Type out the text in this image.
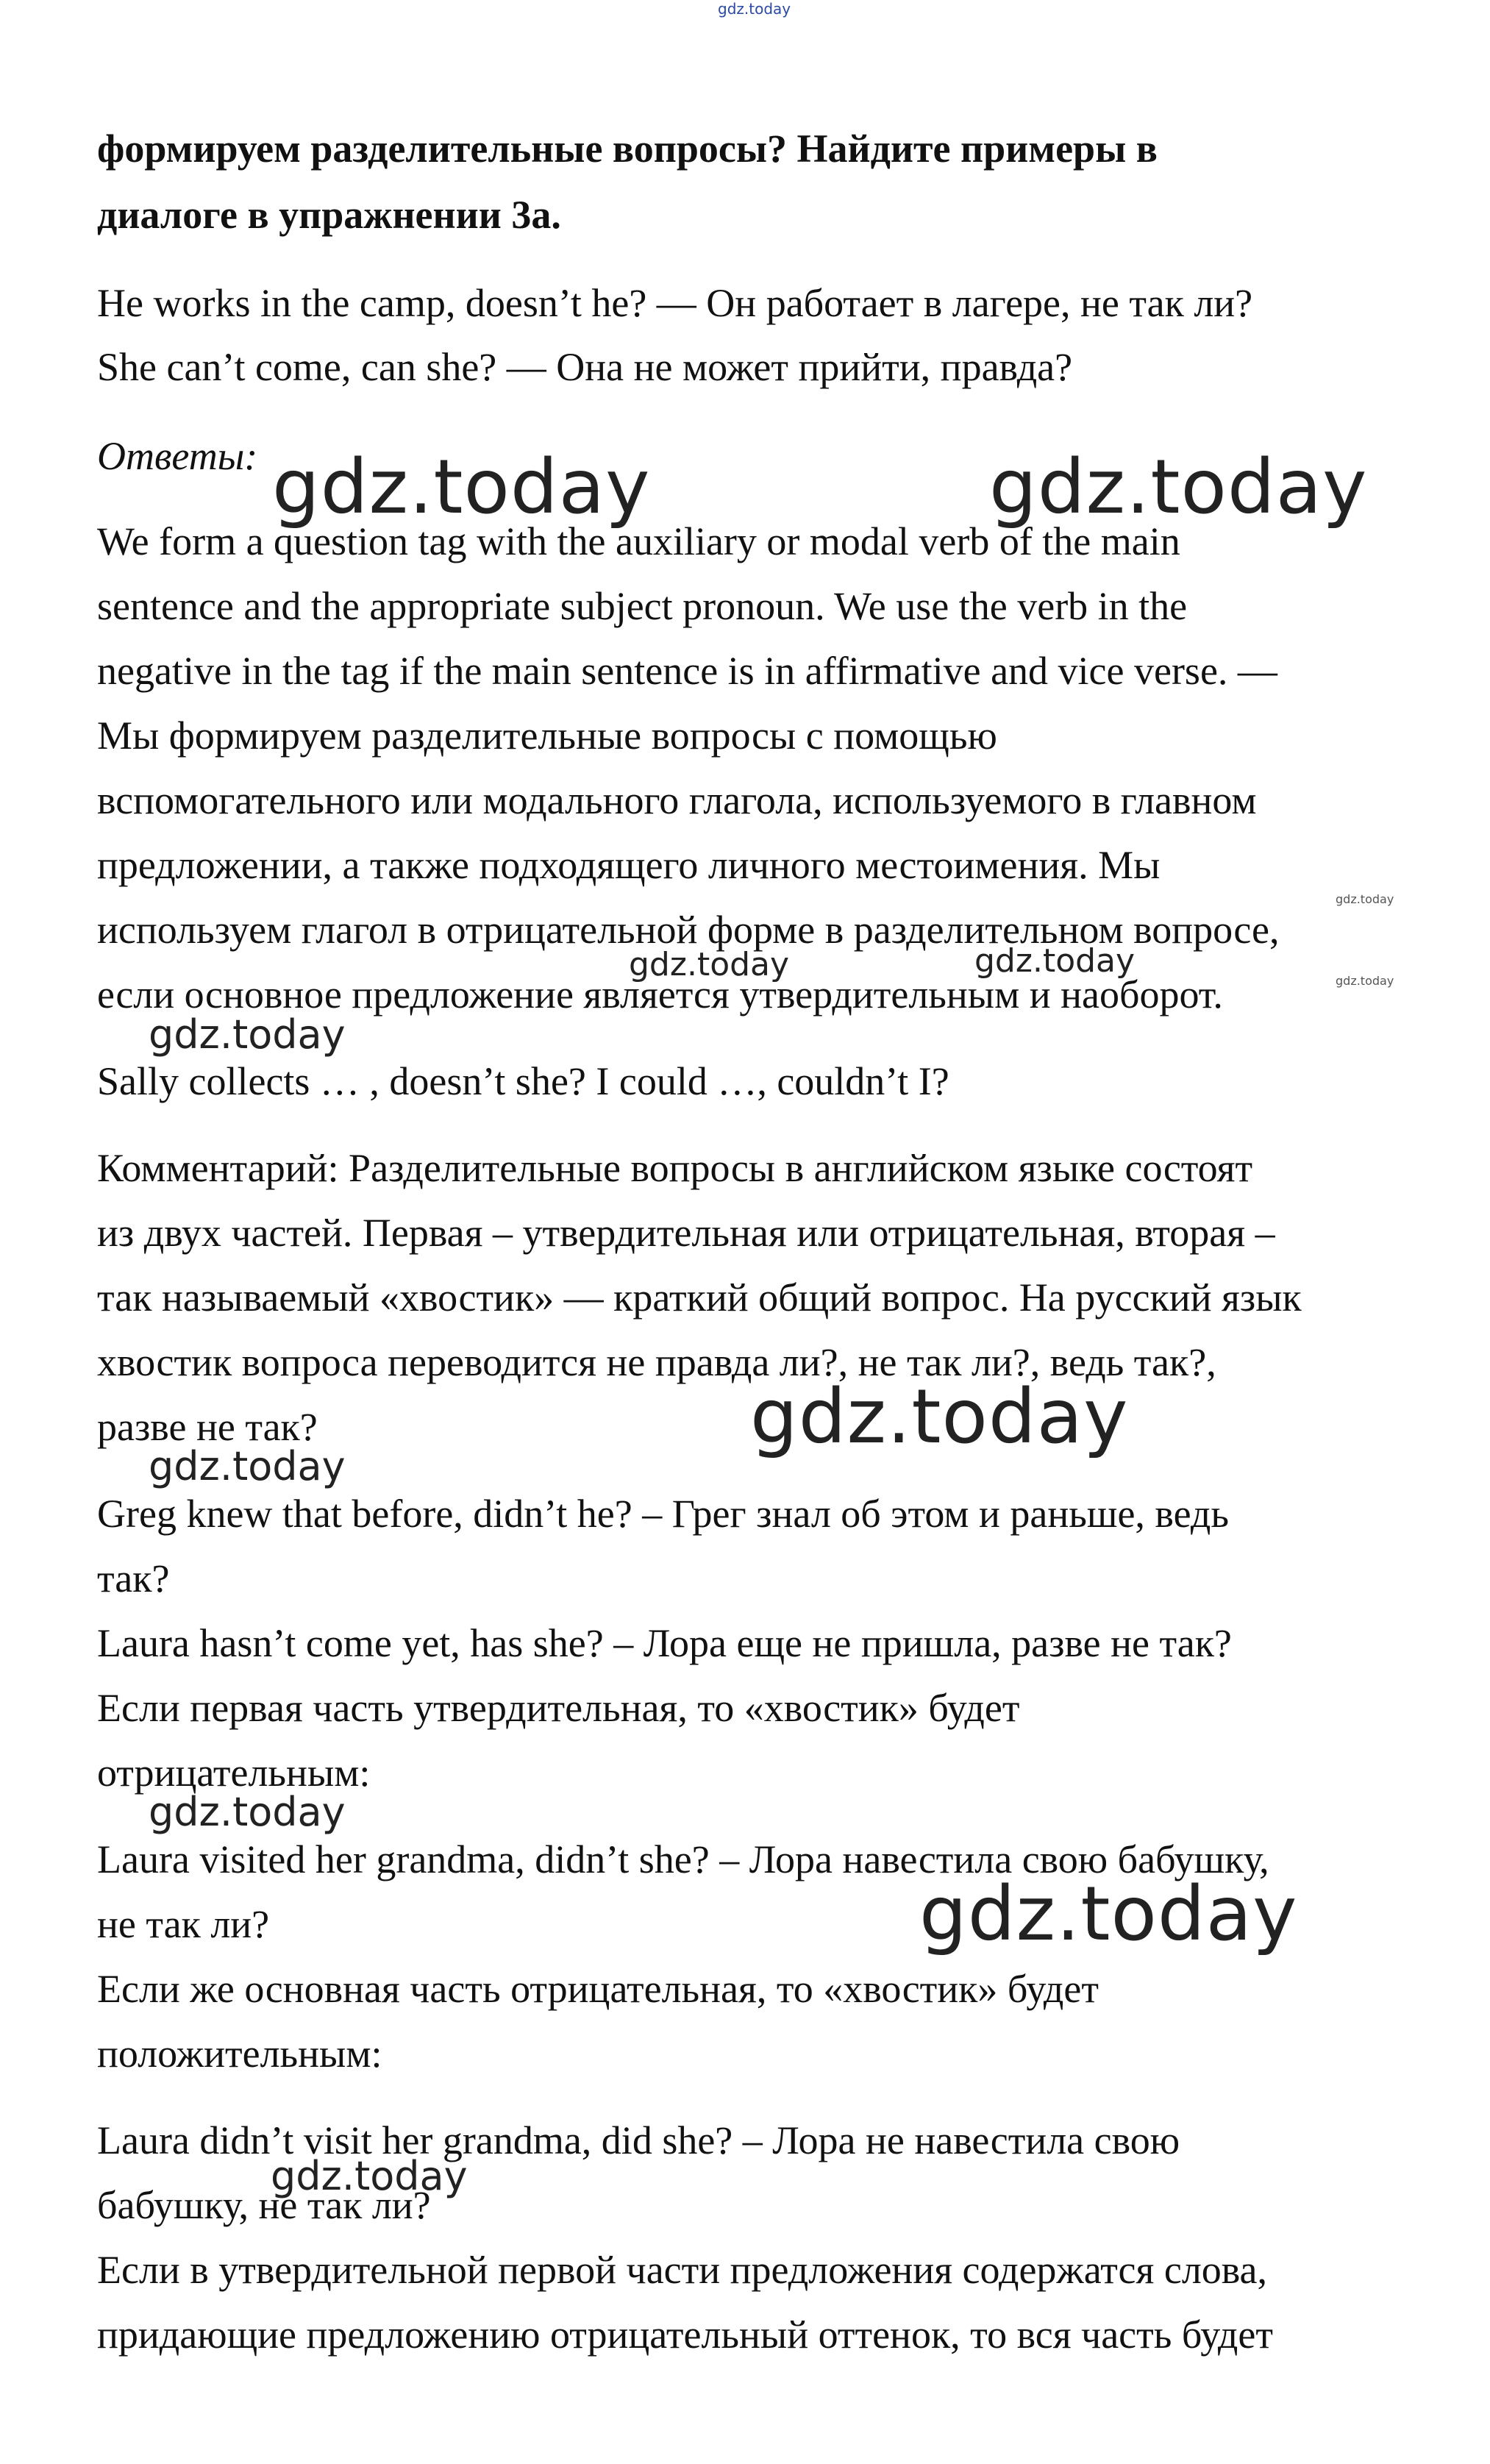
gdz.today
формируем разделительные вопросы? Найдите примеры в
диалоге в упражнении 3а.
He works in the camp, doesn’t he? — Он работает в лагере, не так ли?
She can’t come, can she? — Она не может прийти, правда?
Ответы: gdz.today	gdz.today
We form a question tag with the auxiliary or modal verb of the main
sentence and the appropriate subject pronoun. We use the verb in the
negative in the tag if the main sentence is in affirmative and vice verse. —
Мы формируем разделительные вопросы с помощью
вспомогательного или модального глагола, используемого в главном
предложении, а также подходящего личного местоимения. Мы
gdz.today
используем глагол в отрицательной форме в разделительном вопросе,
gdz.today	gdz.today
gdz.today
если основное предложение является утвердительным и наоборот.
gdz.today
Sally collects … , doesn’t she? I could …, couldn’t I?
Комментарий: Разделительные вопросы в английском языке состоят
из двух частей. Первая – утвердительная или отрицательная, вторая –
так называемый «хвостик» — краткий общий вопрос. На русский язык
хвостик вопроса переводится не правда ли?, не так ли?, ведь так?,
gdz.today
разве не так?
gdz.today
Greg knew that before, didn’t he? – Грег знал об этом и раньше, ведь
так?
Laura hasn’t come yet, has she? – Лора еще не пришла, разве не так?
Если первая часть утвердительная, то «хвостик» будет
отрицательным:
gdz.today
Laura visited her grandma, didn’t she? – Лора навестила свою бабушку,
gdz.today
не так ли?
Если же основная часть отрицательная, то «хвостик» будет
положительным:
Laura didn’t visit her grandma, did she? – Лора не навестила свою
gdz.today
бабушку, не так ли?
Если в утвердительной первой части предложения содержатся слова,
придающие предложению отрицательный оттенок, то вся часть будет
